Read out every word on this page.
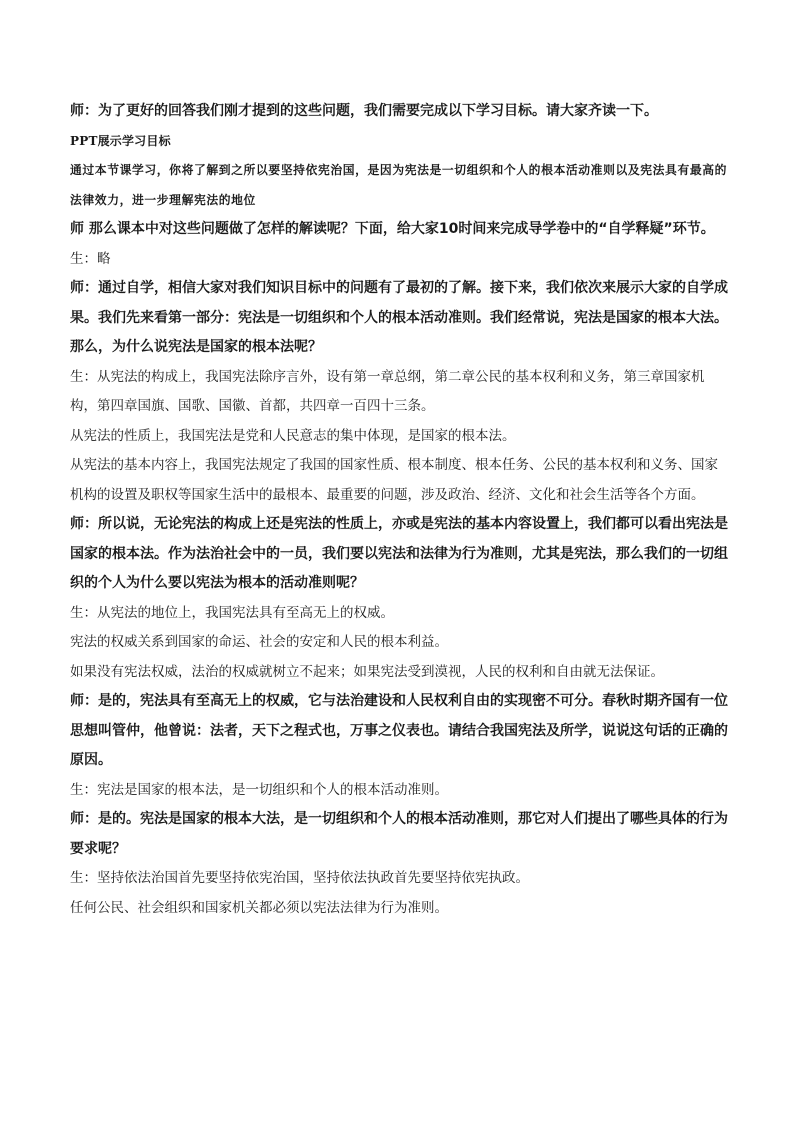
师：为了更好的回答我们刚才提到的这些问题，我们需要完成以下学习目标。请大家齐读一下。

PPT展示学习目标

通过本节课学习，你将了解到之所以要坚持依宪治国，是因为宪法是一切组织和个人的根本活动准则以及宪法具有最高的法律效力，进一步理解宪法的地位

师 那么课本中对这些问题做了怎样的解读呢？下面，给大家10时间来完成导学卷中的“自学释疑”环节。

生：略

师：通过自学，相信大家对我们知识目标中的问题有了最初的了解。接下来，我们依次来展示大家的自学成果。我们先来看第一部分：宪法是一切组织和个人的根本活动准则。我们经常说，宪法是国家的根本大法。那么，为什么说宪法是国家的根本法呢？

生：从宪法的构成上，我国宪法除序言外，设有第一章总纲，第二章公民的基本权利和义务，第三章国家机构，第四章国旗、国歌、国徽、首都，共四章一百四十三条。

从宪法的性质上，我国宪法是党和人民意志的集中体现，是国家的根本法。

从宪法的基本内容上，我国宪法规定了我国的国家性质、根本制度、根本任务、公民的基本权利和义务、国家机构的设置及职权等国家生活中的最根本、最重要的问题，涉及政治、经济、文化和社会生活等各个方面。

师：所以说，无论宪法的构成上还是宪法的性质上，亦或是宪法的基本内容设置上，我们都可以看出宪法是国家的根本法。作为法治社会中的一员，我们要以宪法和法律为行为准则，尤其是宪法，那么我们的一切组织的个人为什么要以宪法为根本的活动准则呢？

生：从宪法的地位上，我国宪法具有至高无上的权威。

宪法的权威关系到国家的命运、社会的安定和人民的根本利益。

如果没有宪法权威，法治的权威就树立不起来；如果宪法受到漠视，人民的权利和自由就无法保证。

师：是的，宪法具有至高无上的权威，它与法治建设和人民权利自由的实现密不可分。春秋时期齐国有一位思想叫管仲，他曾说：法者，天下之程式也，万事之仪表也。请结合我国宪法及所学，说说这句话的正确的原因。

生：宪法是国家的根本法，是一切组织和个人的根本活动准则。

师：是的。宪法是国家的根本大法，是一切组织和个人的根本活动准则，那它对人们提出了哪些具体的行为要求呢？

生：坚持依法治国首先要坚持依宪治国，坚持依法执政首先要坚持依宪执政。

任何公民、社会组织和国家机关都必须以宪法法律为行为准则。
